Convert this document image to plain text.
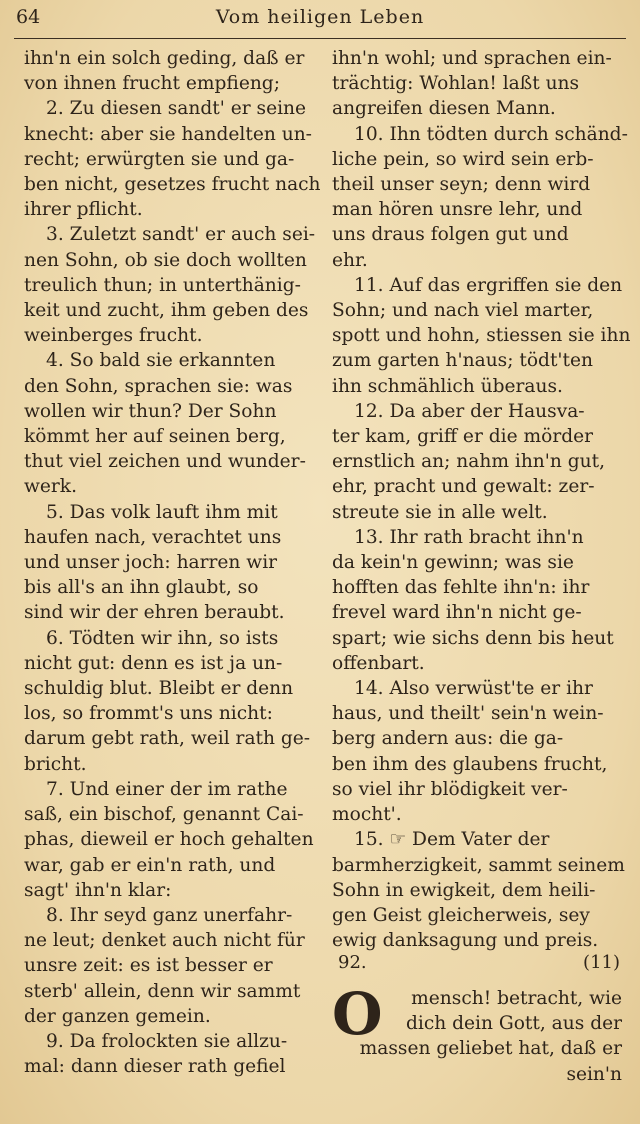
64	Vom heiligen Leben
ihn'n ein solch geding, daß er
von ihnen frucht empfieng;
2. Zu diesen sandt' er seine
knecht: aber sie handelten un-
recht; erwürgten sie und ga-
ben nicht, gesetzes frucht nach
ihrer pflicht.
3. Zuletzt sandt' er auch sei-
nen Sohn, ob sie doch wollten
treulich thun; in unterthänig-
keit und zucht, ihm geben des
weinberges frucht.
4. So bald sie erkannten
den Sohn, sprachen sie: was
wollen wir thun? Der Sohn
kömmt her auf seinen berg,
thut viel zeichen und wunder-
werk.
5. Das volk lauft ihm mit
haufen nach, verachtet uns
und unser joch: harren wir
bis all's an ihn glaubt, so
sind wir der ehren beraubt.
6. Tödten wir ihn, so ists
nicht gut: denn es ist ja un-
schuldig blut. Bleibt er denn
los, so frommt's uns nicht:
darum gebt rath, weil rath ge-
bricht.
7. Und einer der im rathe
saß, ein bischof, genannt Cai-
phas, dieweil er hoch gehalten
war, gab er ein'n rath, und
sagt' ihn'n klar:
8. Ihr seyd ganz unerfahr-
ne leut; denket auch nicht für
unsre zeit: es ist besser er
sterb' allein, denn wir sammt
der ganzen gemein.
9. Da frolockten sie allzu-
mal: dann dieser rath gefiel
ihn'n wohl; und sprachen ein-
trächtig: Wohlan! laßt uns
angreifen diesen Mann.
10. Ihn tödten durch schänd-
liche pein, so wird sein erb-
theil unser seyn; denn wird
man hören unsre lehr, und
uns draus folgen gut und
ehr.
11. Auf das ergriffen sie den
Sohn; und nach viel marter,
spott und hohn, stiessen sie ihn
zum garten h'naus; tödt'ten
ihn schmählich überaus.
12. Da aber der Hausva-
ter kam, griff er die mörder
ernstlich an; nahm ihn'n gut,
ehr, pracht und gewalt: zer-
streute sie in alle welt.
13. Ihr rath bracht ihn'n
da kein'n gewinn; was sie
hofften das fehlte ihn'n: ihr
frevel ward ihn'n nicht ge-
spart; wie sichs denn bis heut
offenbart.
14. Also verwüst'te er ihr
haus, und theilt' sein'n wein-
berg andern aus: die ga-
ben ihm des glaubens frucht,
so viel ihr blödigkeit ver-
mocht'.
15. ☞ Dem Vater der
barmherzigkeit, sammt seinem
Sohn in ewigkeit, dem heili-
gen Geist gleicherweis, sey
ewig danksagung und preis.
92.	(11)
O	mensch! betracht, wie
dich dein Gott, aus der
massen geliebet hat, daß er
sein'n
